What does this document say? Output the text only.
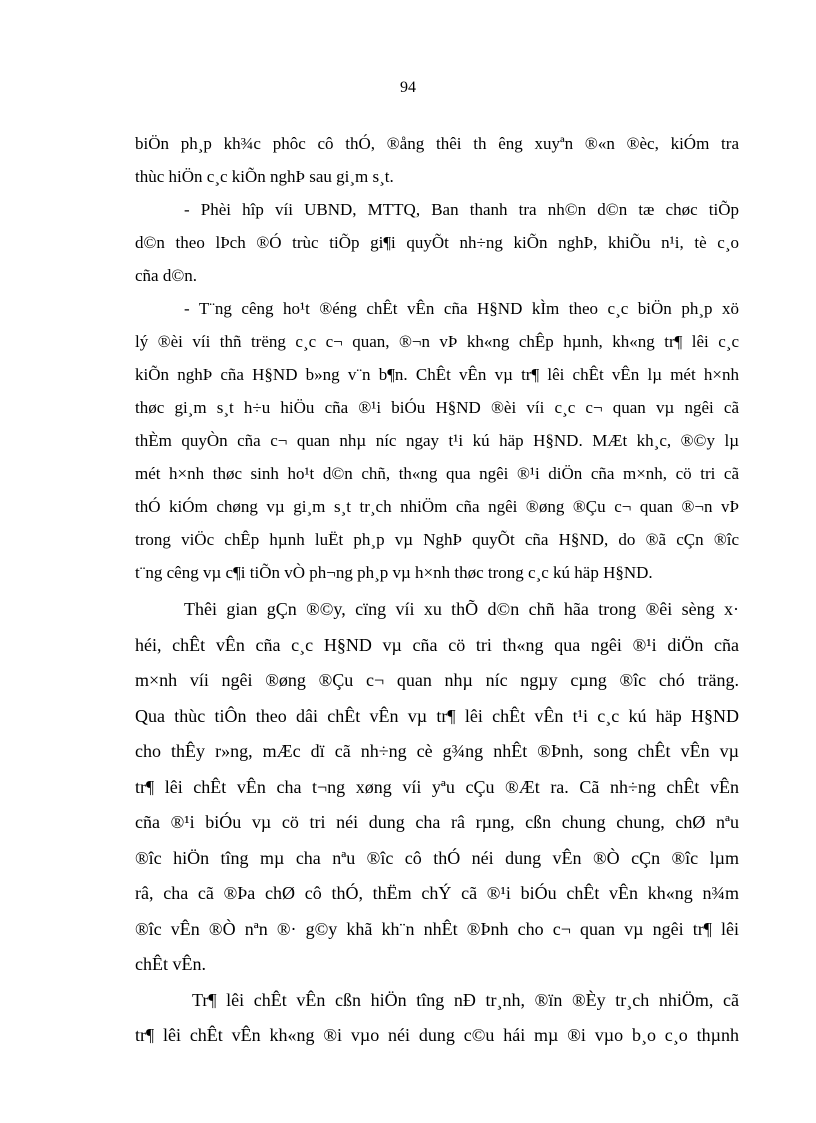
94
biÖn ph¸p kh¾c phôc cô thÓ, ®ång thêi th êng xuyªn ®«n ®èc, kiÓm tra
thùc hiÖn c¸c kiÕn nghÞ sau gi¸m s¸t.
- Phèi hîp víi UBND, MTTQ, Ban thanh tra nh©n d©n tæ chøc tiÕp
d©n theo lÞch ®Ó trùc tiÕp gi¶i quyÕt nh÷ng kiÕn nghÞ, khiÕu n¹i, tè c¸o
cña d©n.
- T¨ng cêng ho¹t ®éng chÊt vÊn cña H§ND kÌm theo c¸c biÖn ph¸p xö
lý ®èi víi thñ trëng c¸c c¬ quan, ®¬n vÞ kh«ng chÊp hµnh, kh«ng tr¶ lêi c¸c
kiÕn nghÞ cña H§ND b»ng v¨n b¶n. ChÊt vÊn vµ tr¶ lêi chÊt vÊn lµ mét h×nh
thøc gi¸m s¸t h÷u hiÖu cña ®¹i biÓu H§ND ®èi víi c¸c c¬ quan vµ ngêi cã
thÈm quyÒn cña c¬ quan nhµ níc ngay t¹i kú häp H§ND. MÆt kh¸c, ®©y lµ
mét h×nh thøc sinh ho¹t d©n chñ, th«ng qua ngêi ®¹i diÖn cña m×nh, cö tri cã
thÓ kiÓm chøng vµ gi¸m s¸t tr¸ch nhiÖm cña ngêi ®øng ®Çu c¬ quan ®¬n vÞ
trong viÖc chÊp hµnh luËt ph¸p vµ NghÞ quyÕt cña H§ND, do ®ã cÇn ®îc
t¨ng cêng vµ c¶i tiÕn vÒ ph¬ng ph¸p vµ h×nh thøc trong c¸c kú häp H§ND.
Thêi gian gÇn ®©y, cïng víi xu thÕ d©n chñ hãa trong ®êi sèng x·
héi, chÊt vÊn cña c¸c H§ND vµ cña cö tri th«ng qua ngêi ®¹i diÖn cña
m×nh víi ngêi ®øng ®Çu c¬ quan nhµ níc ngµy cµng ®îc chó träng.
Qua thùc tiÔn theo dâi chÊt vÊn vµ tr¶ lêi chÊt vÊn t¹i c¸c kú häp H§ND
cho thÊy r»ng, mÆc dï cã nh÷ng cè g¾ng nhÊt ®Þnh, song chÊt vÊn vµ
tr¶ lêi chÊt vÊn cha t¬ng xøng víi yªu cÇu ®Æt ra. Cã nh÷ng chÊt vÊn
cña ®¹i biÓu vµ cö tri néi dung cha râ rµng, cßn chung chung, chØ nªu
®îc hiÖn tîng mµ cha nªu ®îc cô thÓ néi dung vÊn ®Ò cÇn ®îc lµm
râ, cha cã ®Þa chØ cô thÓ, thËm chÝ cã ®¹i biÓu chÊt vÊn kh«ng n¾m
®îc vÊn ®Ò nªn ®· g©y khã kh¨n nhÊt ®Þnh cho c¬ quan vµ ngêi tr¶ lêi
chÊt vÊn.
Tr¶ lêi chÊt vÊn cßn hiÖn tîng nÐ tr¸nh, ®ïn ®Èy tr¸ch nhiÖm, cã
tr¶ lêi chÊt vÊn kh«ng ®i vµo néi dung c©u hái mµ ®i vµo b¸o c¸o thµnh
